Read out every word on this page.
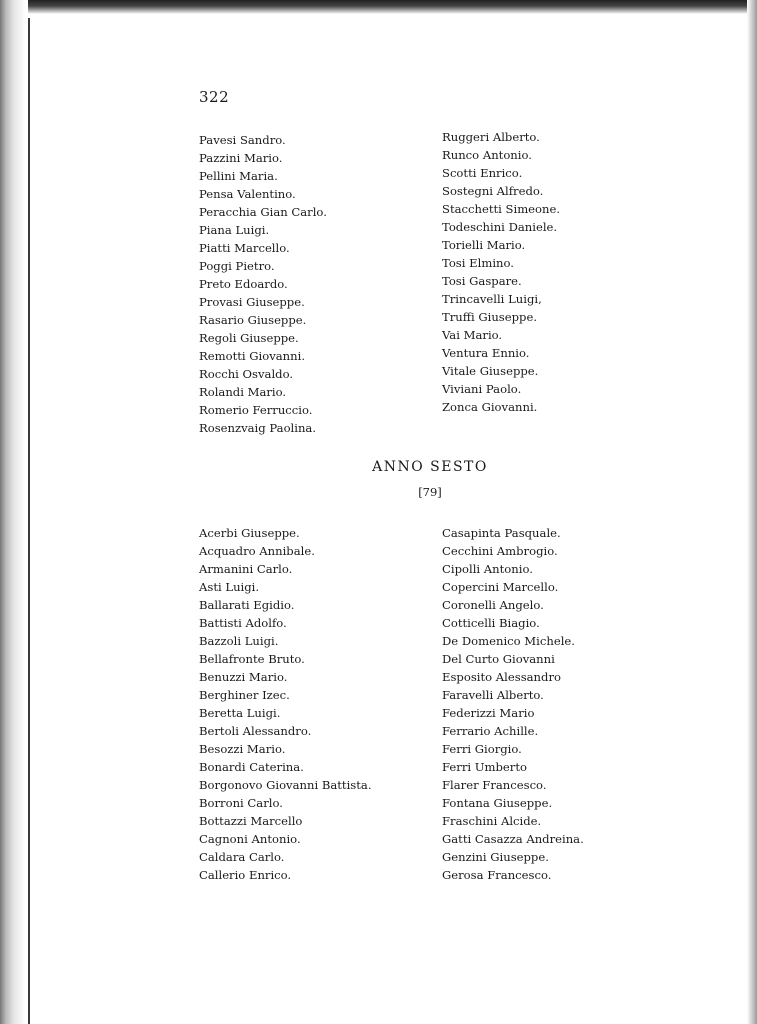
322
Pavesi Sandro.
Pazzini Mario.
Pellini Maria.
Pensa Valentino.
Peracchia Gian Carlo.
Piana Luigi.
Piatti Marcello.
Poggi Pietro.
Preto Edoardo.
Provasi Giuseppe.
Rasario Giuseppe.
Regoli Giuseppe.
Remotti Giovanni.
Rocchi Osvaldo.
Rolandi Mario.
Romerio Ferruccio.
Rosenzvaig Paolina.
Ruggeri Alberto.
Runco Antonio.
Scotti Enrico.
Sostegni Alfredo.
Stacchetti Simeone.
Todeschini Daniele.
Torielli Mario.
Tosi Elmino.
Tosi Gaspare.
Trincavelli Luigi,
Truffi Giuseppe.
Vai Mario.
Ventura Ennio.
Vitale Giuseppe.
Viviani Paolo.
Zonca Giovanni.
ANNO SESTO
[79]
Acerbi Giuseppe.
Acquadro Annibale.
Armanini Carlo.
Asti Luigi.
Ballarati Egidio.
Battisti Adolfo.
Bazzoli Luigi.
Bellafronte Bruto.
Benuzzi Mario.
Berghiner Izec.
Beretta Luigi.
Bertoli Alessandro.
Besozzi Mario.
Bonardi Caterina.
Borgonovo Giovanni Battista.
Borroni Carlo.
Bottazzi Marcello
Cagnoni Antonio.
Caldara Carlo.
Callerio Enrico.
Casapinta Pasquale.
Cecchini Ambrogio.
Cipolli Antonio.
Copercini Marcello.
Coronelli Angelo.
Cotticelli Biagio.
De Domenico Michele.
Del Curto Giovanni
Esposito Alessandro
Faravelli Alberto.
Federizzi Mario
Ferrario Achille.
Ferri Giorgio.
Ferri Umberto
Flarer Francesco.
Fontana Giuseppe.
Fraschini Alcide.
Gatti Casazza Andreina.
Genzini Giuseppe.
Gerosa Francesco.
